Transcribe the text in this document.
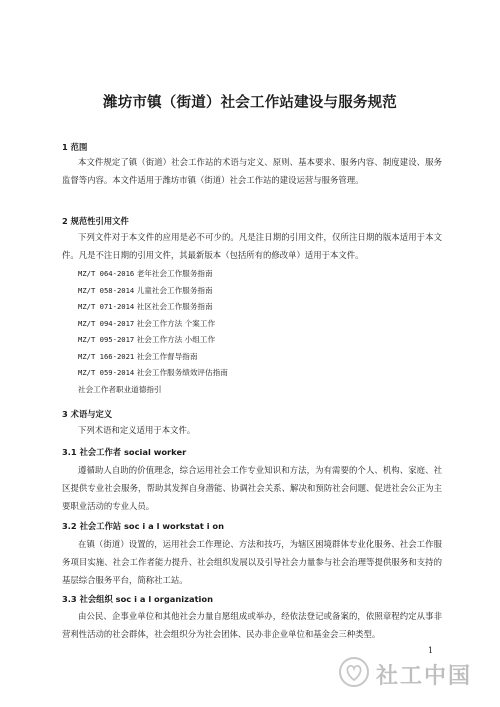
潍坊市镇（街道）社会工作站建设与服务规范
1 范围

本文件规定了镇（街道）社会工作站的术语与定义、原则、基本要求、服务内容、制度建设、服务监督等内容。本文件适用于潍坊市镇（街道）社会工作站的建设运营与服务管理。

2 规范性引用文件

下列文件对于本文件的应用是必不可少的。凡是注日期的引用文件，仅所注日期的版本适用于本文件。凡是不注日期的引用文件，其最新版本（包括所有的修改单）适用于本文件。

MZ/T 064-2016 老年社会工作服务指南
MZ/T 058-2014 儿童社会工作服务指南
MZ/T 071-2014 社区社会工作服务指南
MZ/T 094-2017 社会工作方法 个案工作
MZ/T 095-2017 社会工作方法 小组工作
MZ/T 166-2021 社会工作督导指南
MZ/T 059-2014 社会工作服务绩效评估指南
社会工作者职业道德指引
3 术语与定义

下列术语和定义适用于本文件。

3.1 社会工作者 social worker

遵循助人自助的价值理念，综合运用社会工作专业知识和方法，为有需要的个人、机构、家庭、社区提供专业社会服务，帮助其发挥自身潜能、协调社会关系、解决和预防社会问题、促进社会公正为主要职业活动的专业人员。

3.2 社会工作站 soc i a l workstat i on

在镇（街道）设置的，运用社会工作理论、方法和技巧，为辖区困境群体专业化服务、社会工作服务项目实施、社会工作者能力提升、社会组织发展以及引导社会力量参与社会治理等提供服务和支持的基层综合服务平台，简称社工站。

3.3 社会组织 soc i a l organization

由公民、企事业单位和其他社会力量自愿组成或举办，经依法登记或备案的，依照章程约定从事非营利性活动的社会群体，社会组织分为社会团体、民办非企业单位和基金会三种类型。

1
社工中国
